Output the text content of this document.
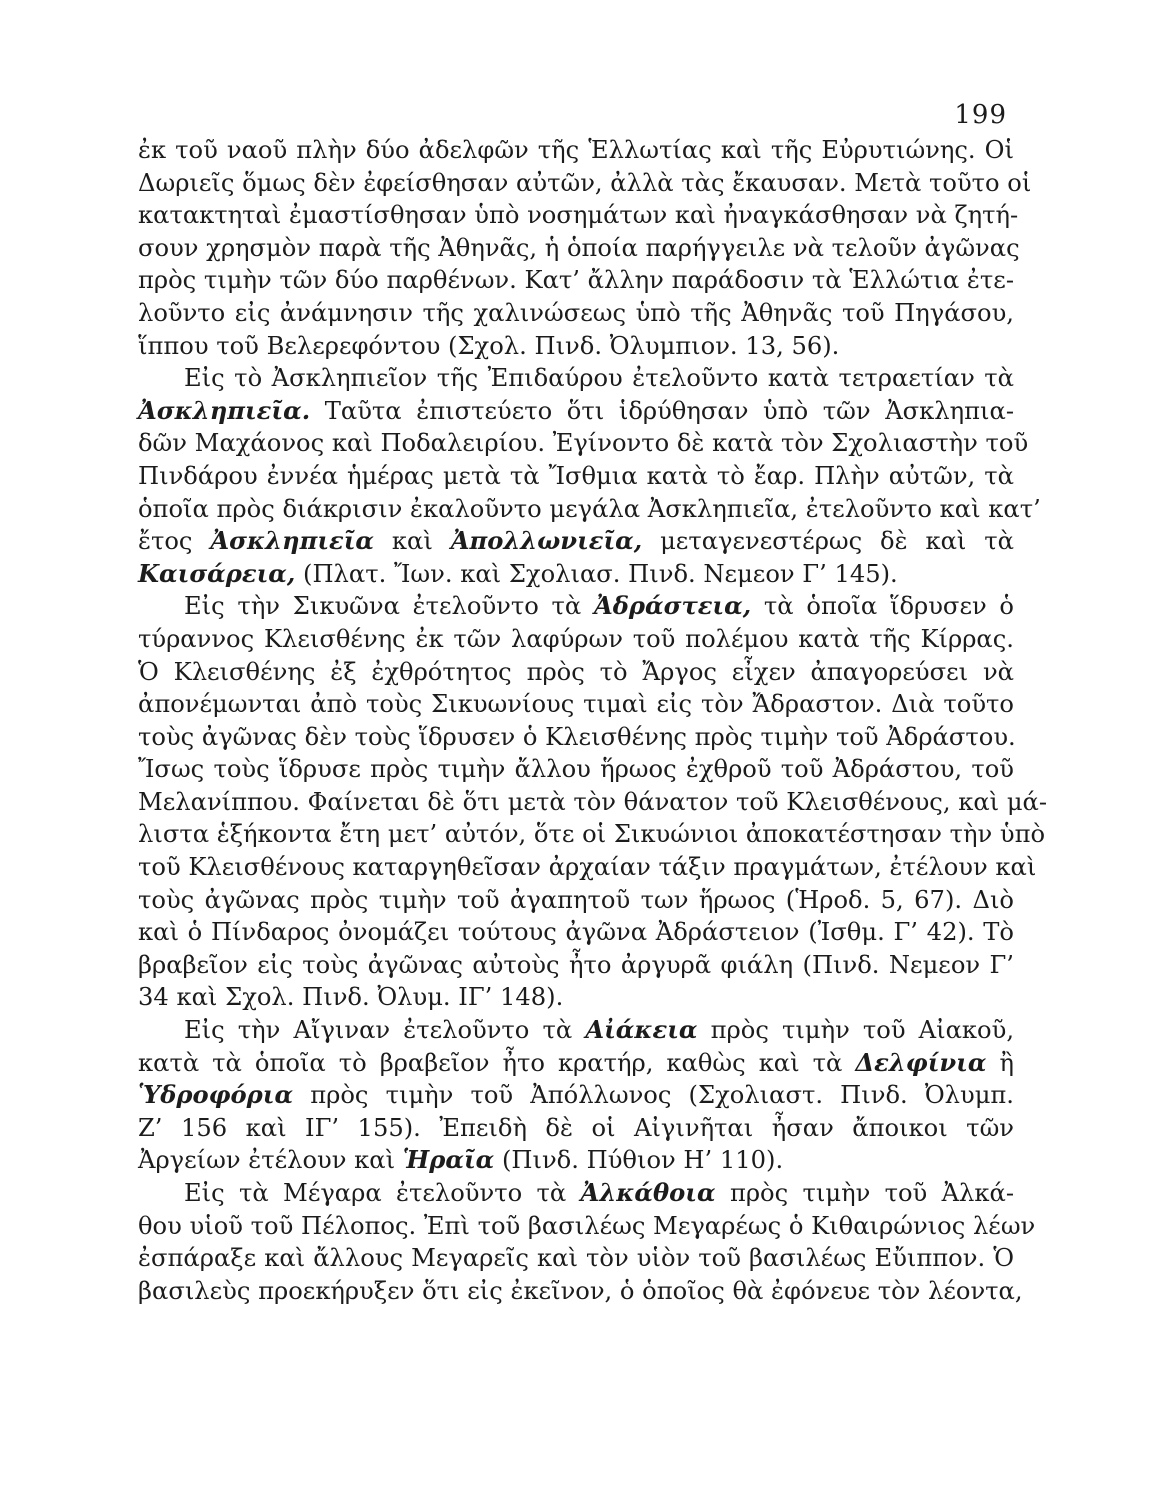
199
ἐκ τοῦ ναοῦ πλὴν δύο ἀδελφῶν τῆς Ἑλλωτίας καὶ τῆς Εὐρυτιώνης. Οἱ
Δωριεῖς ὅμως δὲν ἐφείσθησαν αὐτῶν, ἀλλὰ τὰς ἔκαυσαν. Μετὰ τοῦτο οἱ
κατακτηταὶ ἐμαστίσθησαν ὑπὸ νοσημάτων καὶ ἠναγκάσθησαν νὰ ζητή-
σουν χρησμὸν παρὰ τῆς Ἀθηνᾶς, ἡ ὁποία παρήγγειλε νὰ τελοῦν ἀγῶνας
πρὸς τιμὴν τῶν δύο παρθένων. Κατ’ ἄλλην παράδοσιν τὰ Ἑλλώτια ἐτε-
λοῦντο εἰς ἀνάμνησιν τῆς χαλινώσεως ὑπὸ τῆς Ἀθηνᾶς τοῦ Πηγάσου,
ἵππου τοῦ Βελερεφόντου (Σχολ. Πινδ. Ὀλυμπιον. 13, 56).
Εἰς τὸ Ἀσκληπιεῖον τῆς Ἐπιδαύρου ἐτελοῦντο κατὰ τετραετίαν τὰ
Ἀσκληπιεῖα. Ταῦτα ἐπιστεύετο ὅτι ἱδρύθησαν ὑπὸ τῶν Ἀσκληπια-
δῶν Μαχάονος καὶ Ποδαλειρίου. Ἐγίνοντο δὲ κατὰ τὸν Σχολιαστὴν τοῦ
Πινδάρου ἐννέα ἡμέρας μετὰ τὰ Ἴσθμια κατὰ τὸ ἔαρ. Πλὴν αὐτῶν, τὰ
ὁποῖα πρὸς διάκρισιν ἐκαλοῦντο μεγάλα Ἀσκληπιεῖα, ἐτελοῦντο καὶ κατ’
ἔτος Ἀσκληπιεῖα καὶ Ἀπολλωνιεῖα, μεταγενεστέρως δὲ καὶ τὰ
Καισάρεια, (Πλατ. Ἴων. καὶ Σχολιασ. Πινδ. Νεμεον Γ’ 145).
Εἰς τὴν Σικυῶνα ἐτελοῦντο τὰ Ἀδράστεια, τὰ ὁποῖα ἵδρυσεν ὁ
τύραννος Κλεισθένης ἐκ τῶν λαφύρων τοῦ πολέμου κατὰ τῆς Κίρρας.
Ὁ Κλεισθένης ἐξ ἐχθρότητος πρὸς τὸ Ἄργος εἶχεν ἀπαγορεύσει νὰ
ἀπονέμωνται ἀπὸ τοὺς Σικυωνίους τιμαὶ εἰς τὸν Ἄδραστον. Διὰ τοῦτο
τοὺς ἀγῶνας δὲν τοὺς ἵδρυσεν ὁ Κλεισθένης πρὸς τιμὴν τοῦ Ἀδράστου.
Ἴσως τοὺς ἵδρυσε πρὸς τιμὴν ἄλλου ἥρωος ἐχθροῦ τοῦ Ἀδράστου, τοῦ
Μελανίππου. Φαίνεται δὲ ὅτι μετὰ τὸν θάνατον τοῦ Κλεισθένους, καὶ μά-
λιστα ἑξήκοντα ἔτη μετ’ αὐτόν, ὅτε οἱ Σικυώνιοι ἀποκατέστησαν τὴν ὑπὸ
τοῦ Κλεισθένους καταργηθεῖσαν ἀρχαίαν τάξιν πραγμάτων, ἐτέλουν καὶ
τοὺς ἀγῶνας πρὸς τιμὴν τοῦ ἀγαπητοῦ των ἥρωος (Ἡροδ. 5, 67). Διὸ
καὶ ὁ Πίνδαρος ὀνομάζει τούτους ἀγῶνα Ἀδράστειον (Ἰσθμ. Γ’ 42). Τὸ
βραβεῖον εἰς τοὺς ἀγῶνας αὐτοὺς ἦτο ἀργυρᾶ φιάλη (Πινδ. Νεμεον Γ’
34 καὶ Σχολ. Πινδ. Ὀλυμ. ΙΓ’ 148).
Εἰς τὴν Αἴγιναν ἐτελοῦντο τὰ Αἰάκεια πρὸς τιμὴν τοῦ Αἰακοῦ,
κατὰ τὰ ὁποῖα τὸ βραβεῖον ἦτο κρατήρ, καθὼς καὶ τὰ Δελφίνια ἢ
Ὑδροφόρια πρὸς τιμὴν τοῦ Ἀπόλλωνος (Σχολιαστ. Πινδ. Ὀλυμπ.
Ζ’ 156 καὶ ΙΓ’ 155). Ἐπειδὴ δὲ οἱ Αἰγινῆται ἦσαν ἄποικοι τῶν
Ἀργείων ἐτέλουν καὶ Ἡραῖα (Πινδ. Πύθιον Η’ 110).
Εἰς τὰ Μέγαρα ἐτελοῦντο τὰ Ἀλκάθοια πρὸς τιμὴν τοῦ Ἀλκά-
θου υἱοῦ τοῦ Πέλοπος. Ἐπὶ τοῦ βασιλέως Μεγαρέως ὁ Κιθαιρώνιος λέων
ἐσπάραξε καὶ ἄλλους Μεγαρεῖς καὶ τὸν υἱὸν τοῦ βασιλέως Εὔιππον. Ὁ
βασιλεὺς προεκήρυξεν ὅτι εἰς ἐκεῖνον, ὁ ὁποῖος θὰ ἐφόνευε τὸν λέοντα,
